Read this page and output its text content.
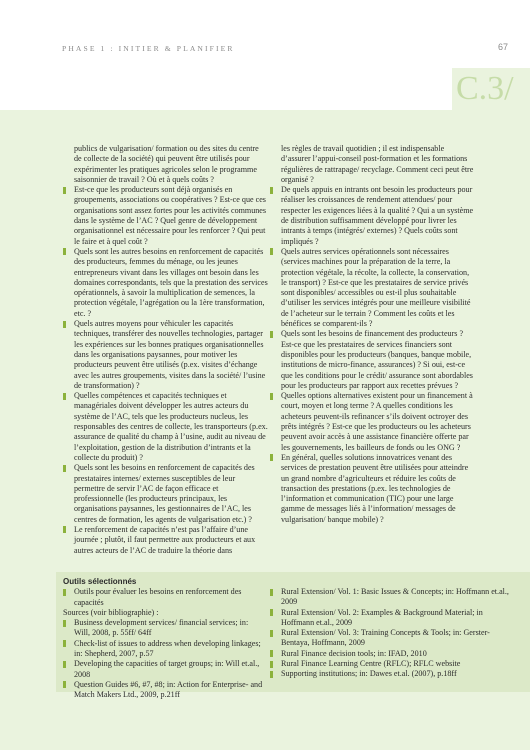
PHASE 1 : INITIER & PLANIFIER	67
C.3/

publics de vulgarisation/ formation ou des sites du centre de collecte de la société) qui peuvent être utilisés pour expérimenter les pratiques agricoles selon le programme saisonnier de travail ? Où et à quels coûts ?

Est-ce que les producteurs sont déjà organisés en groupements, associations ou coopératives ? Est-ce que ces organisations sont assez fortes pour les activités communes dans le système de l’AC ? Quel genre de développement organisationnel est nécessaire pour les renforcer ? Qui peut le faire et à quel coût ?
Quels sont les autres besoins en renforcement de capacités des producteurs, femmes du ménage, ou les jeunes entrepreneurs vivant dans les villages ont besoin dans les domaines correspondants, tels que la prestation des services opérationnels, à savoir la multiplication de semences, la protection végétale, l’agrégation ou la 1ère transformation, etc. ?
Quels autres moyens pour véhiculer les capacités techniques, transférer des nouvelles technologies, partager les expériences sur les bonnes pratiques organisationnelles dans les organisations paysannes, pour motiver les producteurs peuvent être utilisés (p.ex. visites d’échange avec les autres groupements, visites dans la société/ l’usine de transformation) ?
Quelles compétences et capacités techniques et managériales doivent développer les autres acteurs du système de l’AC, tels que les producteurs nucleus, les responsables des centres de collecte, les transporteurs (p.ex. assurance de qualité du champ à l’usine, audit au niveau de l’exploitation, gestion de la distribution d’intrants et la collecte du produit) ?
Quels sont les besoins en renforcement de capacités des prestataires internes/ externes susceptibles de leur permettre de servir l’AC de façon efficace et professionnelle (les producteurs principaux, les organisations paysannes, les gestionnaires de l’AC, les centres de formation, les agents de vulgarisation etc.) ?
Le renforcement de capacités n’est pas l’affaire d’une journée ; plutôt, il faut permettre aux producteurs et aux autres acteurs de l’AC de traduire la théorie dans

les règles de travail quotidien ; il est indispensable d’assurer l’appui-conseil post-formation et les formations régulières de rattrapage/ recyclage. Comment ceci peut être organisé ?

De quels appuis en intrants ont besoin les producteurs pour réaliser les croissances de rendement attendues/ pour respecter les exigences liées à la qualité ? Qui a un système de distribution suffisamment développé pour livrer les intrants à temps (intégrés/ externes) ? Quels coûts sont impliqués ?
Quels autres services opérationnels sont nécessaires (services machines pour la préparation de la terre, la protection végétale, la récolte, la collecte, la conservation, le transport) ? Est-ce que les prestataires de service privés sont disponibles/ accessibles ou est-il plus souhaitable d’utiliser les services intégrés pour une meilleure visibilité de l’acheteur sur le terrain ? Comment les coûts et les bénéfices se comparent-ils ?
Quels sont les besoins de financement des producteurs ? Est-ce que les prestataires de services financiers sont disponibles pour les producteurs (banques, banque mobile, institutions de micro-finance, assurances) ? Si oui, est-ce que les conditions pour le crédit/ assurance sont abordables pour les producteurs par rapport aux recettes prévues ?
Quelles options alternatives existent pour un financement à court, moyen et long terme ? A quelles conditions les acheteurs peuvent-ils refinancer s’ils doivent octroyer des prêts intégrés ? Est-ce que les producteurs ou les acheteurs peuvent avoir accès à une assistance financière offerte par les gouvernements, les bailleurs de fonds ou les ONG ?
En général, quelles solutions innovatrices venant des services de prestation peuvent être utilisées pour atteindre un grand nombre d’agriculteurs et réduire les coûts de transaction des prestations (p.ex. les technologies de l’information et communication (TIC) pour une large gamme de messages liés à l’information/ messages de vulgarisation/ banque mobile) ?
Outils sélectionnés
Outils pour évaluer les besoins en renforcement des capacités
Sources (voir bibliographie) :
Business development services/ financial services; in: Will, 2008, p. 55ff/ 64ff
Check-list of issues to address when developing linkages; in: Shepherd, 2007, p.57
Developing the capacities of target groups; in: Will et.al., 2008
Question Guides #6, #7, #8; in: Action for Enterprise- and Match Makers Ltd., 2009, p.21ff
Rural Extension/ Vol. 1: Basic Issues & Concepts; in: Hoffmann et.al., 2009
Rural Extension/ Vol. 2: Examples & Background Material; in Hoffmann et.al., 2009
Rural Extension/ Vol. 3: Training Concepts & Tools; in: Gerster-Bentaya, Hoffmann, 2009
Rural Finance decision tools; in: IFAD, 2010
Rural Finance Learning Centre (RFLC); RFLC website
Supporting institutions; in: Dawes et.al. (2007), p.18ff
